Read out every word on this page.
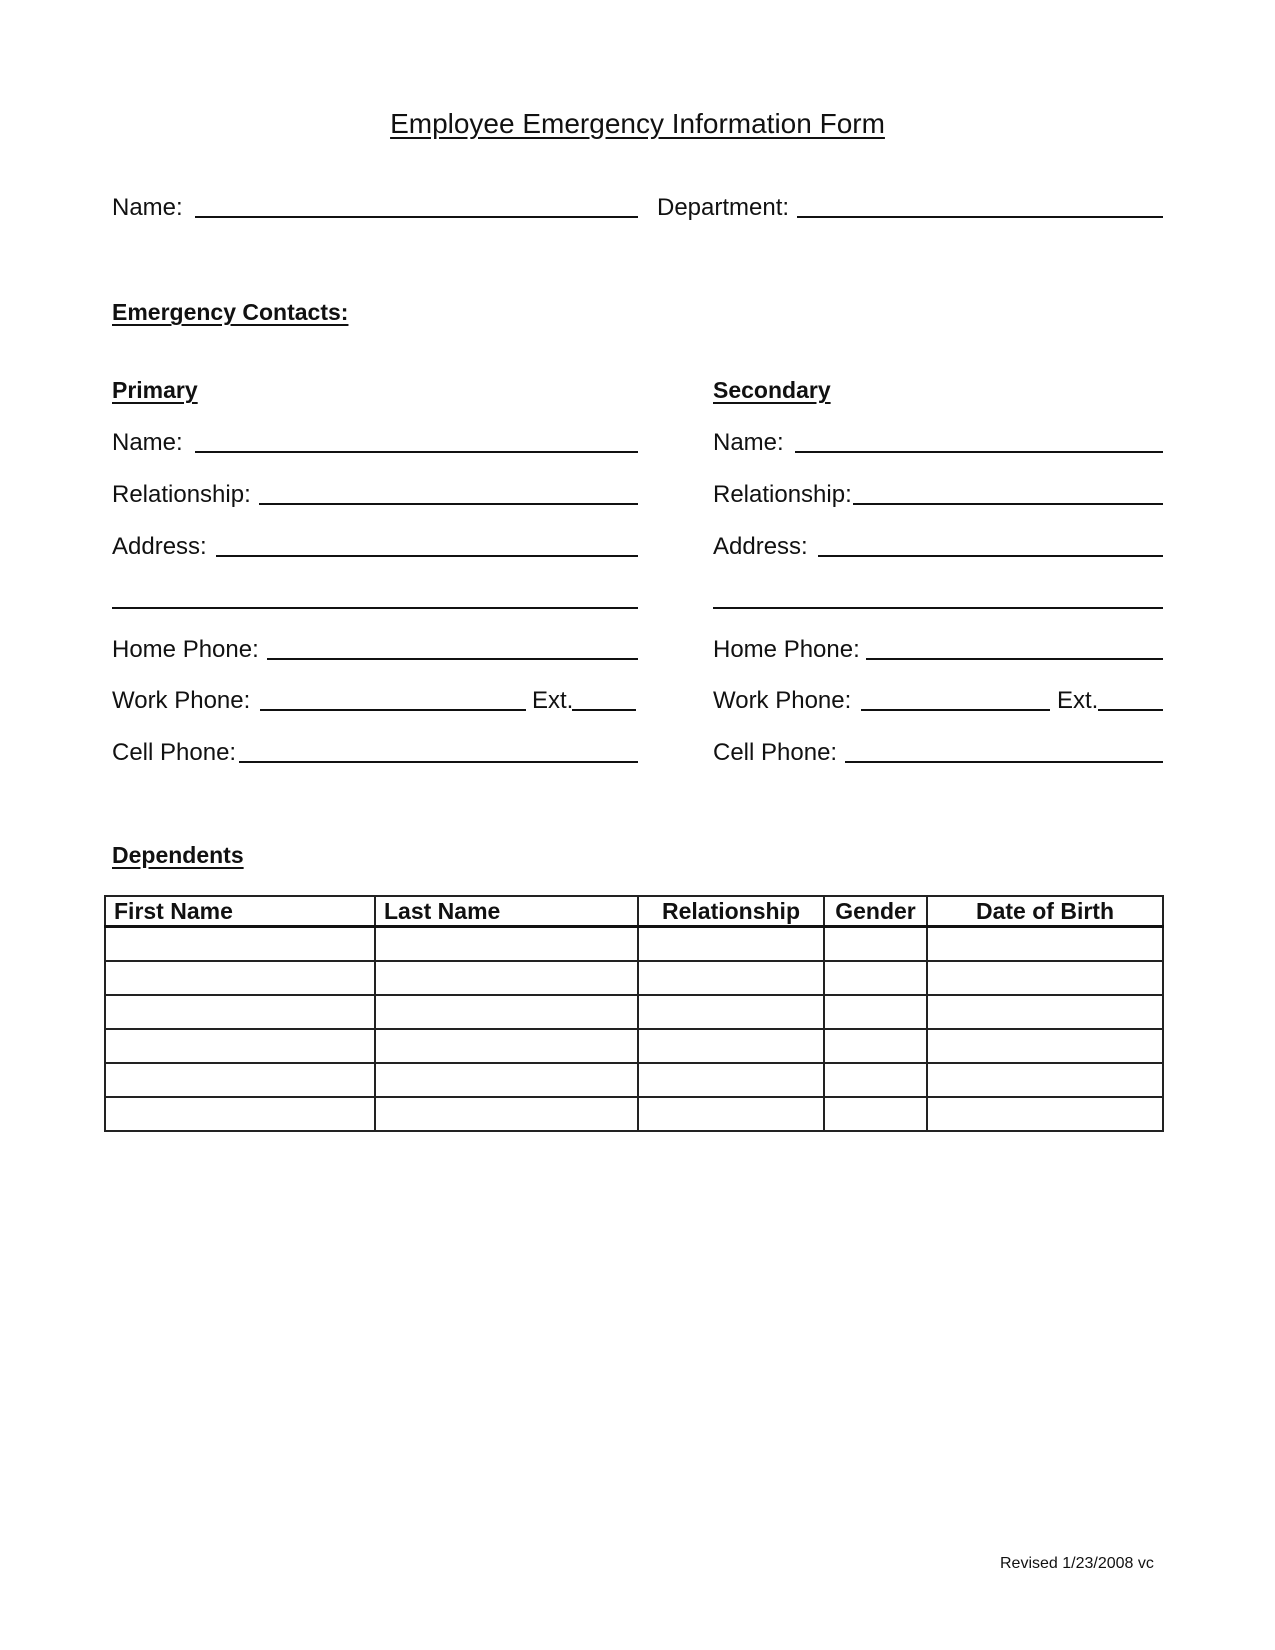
Employee Emergency Information Form
Name:	Department:
Emergency Contacts:
Primary
Name:
Relationship:
Address:
Home Phone:
Work Phone:	Ext.
Cell Phone:
Secondary
Name:
Relationship:
Address:
Home Phone:
Work Phone:	Ext.
Cell Phone:
Dependents
First Name	Last Name	Relationship	Gender	Date of Birth

Revised 1/23/2008 vc
